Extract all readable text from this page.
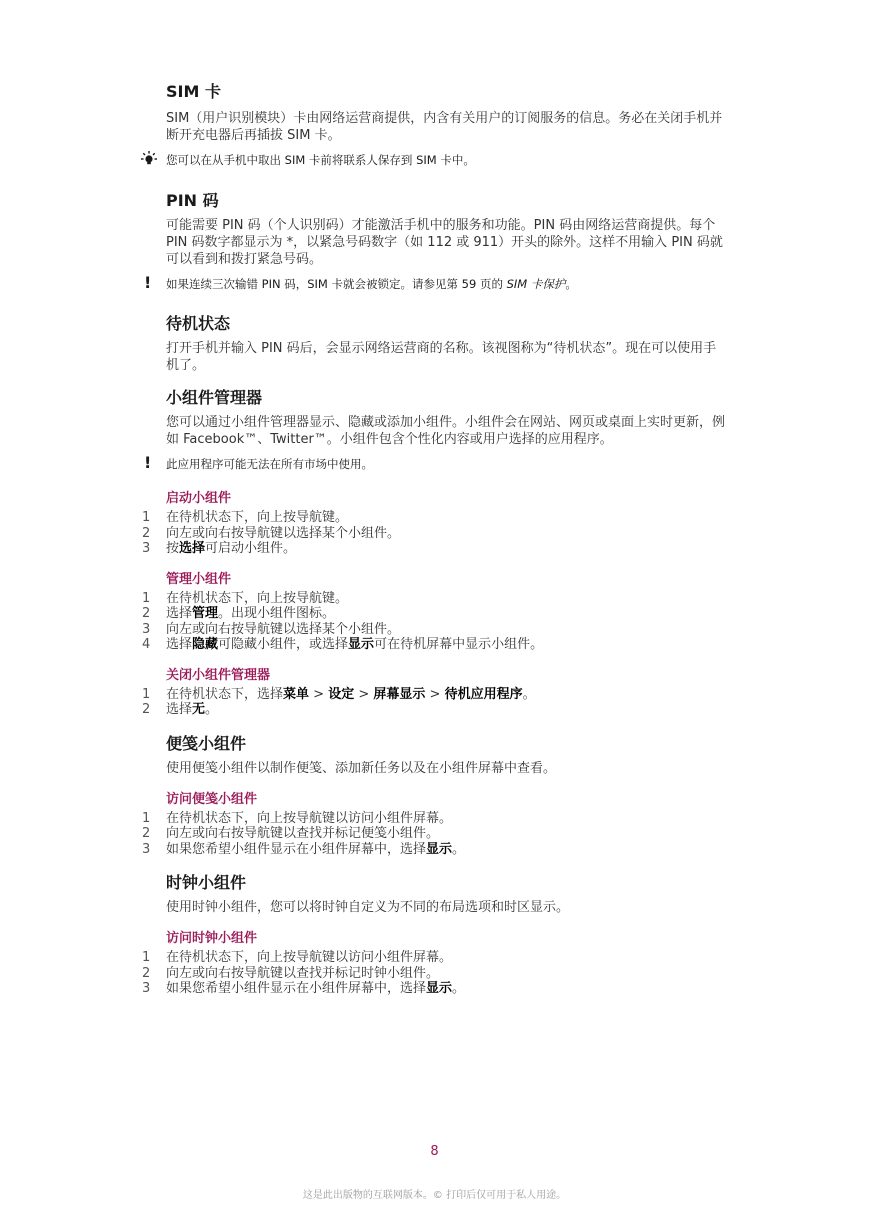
SIM 卡

SIM（用户识别模块）卡由网络运营商提供，内含有关用户的订阅服务的信息。务必在关闭手机并断开充电器后再插拔 SIM 卡。

您可以在从手机中取出 SIM 卡前将联系人保存到 SIM 卡中。
PIN 码

可能需要 PIN 码（个人识别码）才能激活手机中的服务和功能。PIN 码由网络运营商提供。每个 PIN 码数字都显示为 *，以紧急号码数字（如 112 或 911）开头的除外。这样不用输入 PIN 码就可以看到和拨打紧急号码。

! 如果连续三次输错 PIN 码，SIM 卡就会被锁定。请参见第 59 页的 SIM 卡保护。
待机状态

打开手机并输入 PIN 码后，会显示网络运营商的名称。该视图称为“待机状态”。现在可以使用手机了。

小组件管理器

您可以通过小组件管理器显示、隐藏或添加小组件。小组件会在网站、网页或桌面上实时更新，例如 Facebook™、Twitter™。小组件包含个性化内容或用户选择的应用程序。

! 此应用程序可能无法在所有市场中使用。
启动小组件
1 在待机状态下，向上按导航键。
2 向左或向右按导航键以选择某个小组件。
3 按选择可启动小组件。
管理小组件
1 在待机状态下，向上按导航键。
2 选择管理。出现小组件图标。
3 向左或向右按导航键以选择某个小组件。
4 选择隐藏可隐藏小组件，或选择显示可在待机屏幕中显示小组件。
关闭小组件管理器
1 在待机状态下，选择菜单 > 设定 > 屏幕显示 > 待机应用程序。
2 选择无。
便笺小组件

使用便笺小组件以制作便笺、添加新任务以及在小组件屏幕中查看。

访问便笺小组件
1 在待机状态下，向上按导航键以访问小组件屏幕。
2 向左或向右按导航键以查找并标记便笺小组件。
3 如果您希望小组件显示在小组件屏幕中，选择显示。
时钟小组件

使用时钟小组件，您可以将时钟自定义为不同的布局选项和时区显示。

访问时钟小组件
1 在待机状态下，向上按导航键以访问小组件屏幕。
2 向左或向右按导航键以查找并标记时钟小组件。
3 如果您希望小组件显示在小组件屏幕中，选择显示。
8
这是此出版物的互联网版本。© 打印后仅可用于私人用途。
